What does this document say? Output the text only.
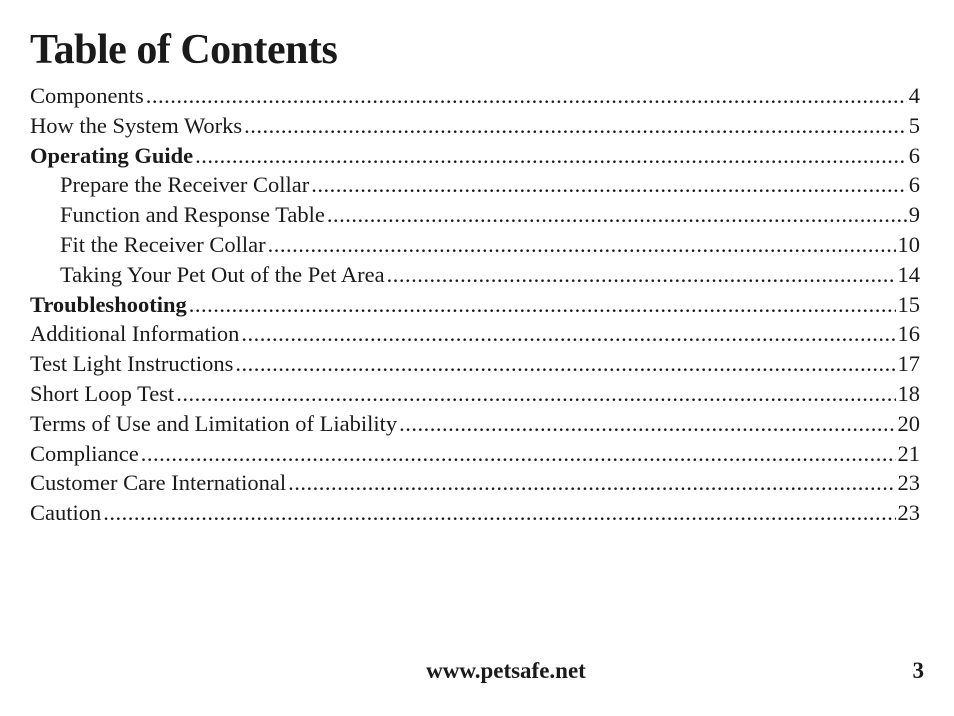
Table of Contents
Components .....	4
How the System Works .....	5
Operating Guide .....	6
Prepare the Receiver Collar .....	6
Function and Response Table .....	9
Fit the Receiver Collar .....	10
Taking Your Pet Out of the Pet Area .....	14
Troubleshooting .....	15
Additional Information .....	16
Test Light Instructions .....	17
Short Loop Test .....	18
Terms of Use and Limitation of Liability .....	20
Compliance .....	21
Customer Care International .....	23
Caution .....	23
www.petsafe.net	3
